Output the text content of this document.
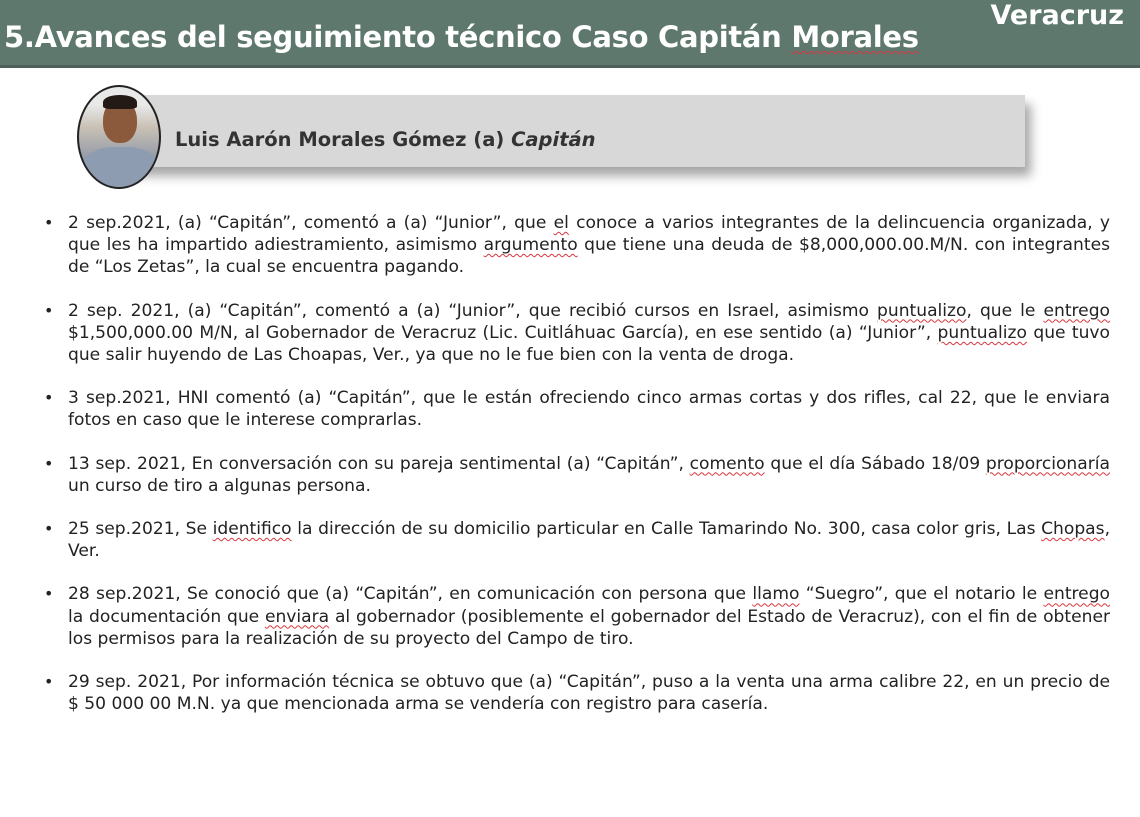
5.Avances del seguimiento técnico Caso Capitán Morales
Veracruz
Luis Aarón Morales Gómez (a) Capitán
• 2 sep.2021, (a) “Capitán”, comentó a (a) “Junior”, que el conoce a varios integrantes de la delincuencia organizada, y que les ha impartido adiestramiento, asimismo argumento que tiene una deuda de $8,000,000.00.M/N. con integrantes de “Los Zetas”, la cual se encuentra pagando.
• 2 sep. 2021, (a) “Capitán”, comentó a (a) “Junior”, que recibió cursos en Israel, asimismo puntualizo, que le entrego $1,500,000.00 M/N, al Gobernador de Veracruz (Lic. Cuitláhuac García), en ese sentido (a) “Junior”, puntualizo que tuvo que salir huyendo de Las Choapas, Ver., ya que no le fue bien con la venta de droga.
• 3 sep.2021, HNI comentó (a) “Capitán”, que le están ofreciendo cinco armas cortas y dos rifles, cal 22, que le enviara fotos en caso que le interese comprarlas.
• 13 sep. 2021, En conversación con su pareja sentimental (a) “Capitán”, comento que el día Sábado 18/09 proporcionaría un curso de tiro a algunas persona.
• 25 sep.2021, Se identifico la dirección de su domicilio particular en Calle Tamarindo No. 300, casa color gris, Las Chopas, Ver.
• 28 sep.2021, Se conoció que (a) “Capitán”, en comunicación con persona que llamo “Suegro”, que el notario le entrego la documentación que enviara al gobernador (posiblemente el gobernador del Estado de Veracruz), con el fin de obtener los permisos para la realización de su proyecto del Campo de tiro.
• 29 sep. 2021, Por información técnica se obtuvo que (a) “Capitán”, puso a la venta una arma calibre 22, en un precio de $ 50 000 00 M.N. ya que mencionada arma se vendería con registro para casería.
